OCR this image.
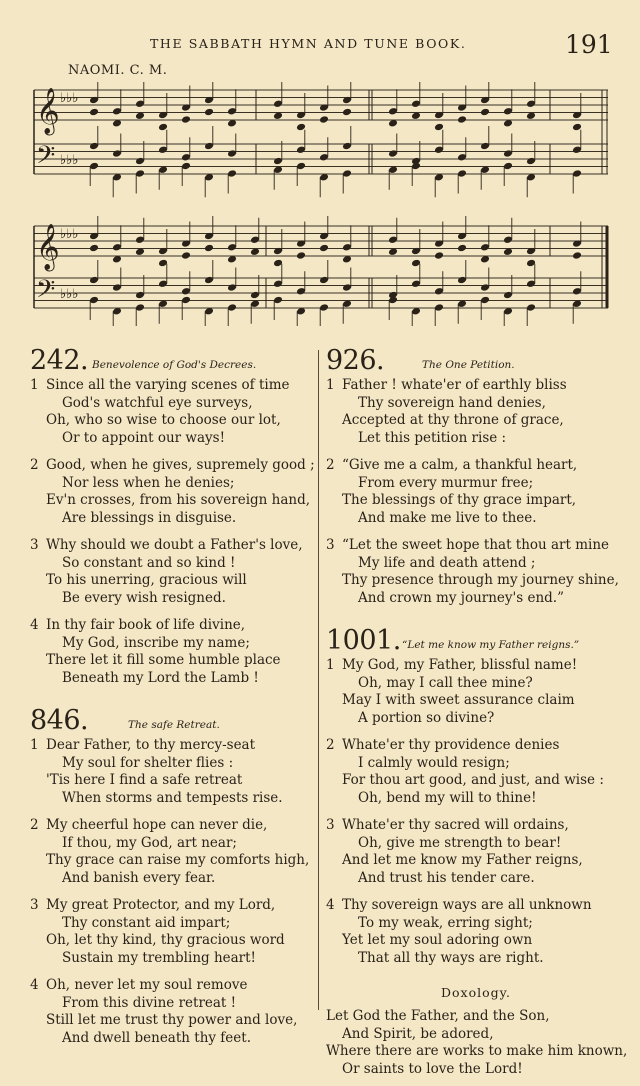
THE SABBATH HYMN AND TUNE BOOK.	191
NAOMI. C. M.
𝄞 ♭♭♭
𝄢 ♭♭♭
𝄞 ♭♭♭
𝄢 ♭♭♭
242. Benevolence of God's Decrees.
1 Since all the varying scenes of time
God's watchful eye surveys,
Oh, who so wise to choose our lot,
Or to appoint our ways!
2 Good, when he gives, supremely good ;
Nor less when he denies;
Ev'n crosses, from his sovereign hand,
Are blessings in disguise.
3 Why should we doubt a Father's love,
So constant and so kind !
To his unerring, gracious will
Be every wish resigned.
4 In thy fair book of life divine,
My God, inscribe my name;
There let it fill some humble place
Beneath my Lord the Lamb !
846.	The safe Retreat.
1 Dear Father, to thy mercy-seat
My soul for shelter flies :
'Tis here I find a safe retreat
When storms and tempests rise.
2 My cheerful hope can never die,
If thou, my God, art near;
Thy grace can raise my comforts high,
And banish every fear.
3 My great Protector, and my Lord,
Thy constant aid impart;
Oh, let thy kind, thy gracious word
Sustain my trembling heart!
4 Oh, never let my soul remove
From this divine retreat !
Still let me trust thy power and love,
And dwell beneath thy feet.
926.	The One Petition.
1 Father ! whate'er of earthly bliss
Thy sovereign hand denies,
Accepted at thy throne of grace,
Let this petition rise :
2 “Give me a calm, a thankful heart,
From every murmur free;
The blessings of thy grace impart,
And make me live to thee.
3 “Let the sweet hope that thou art mine
My life and death attend ;
Thy presence through my journey shine,
And crown my journey's end.”
1001. “Let me know my Father reigns.”
1 My God, my Father, blissful name!
Oh, may I call thee mine?
May I with sweet assurance claim
A portion so divine?
2 Whate'er thy providence denies
I calmly would resign;
For thou art good, and just, and wise :
Oh, bend my will to thine!
3 Whate'er thy sacred will ordains,
Oh, give me strength to bear!
And let me know my Father reigns,
And trust his tender care.
4 Thy sovereign ways are all unknown
To my weak, erring sight;
Yet let my soul adoring own
That all thy ways are right.
Doxology.
Let God the Father, and the Son,
And Spirit, be adored,
Where there are works to make him known,
Or saints to love the Lord!
